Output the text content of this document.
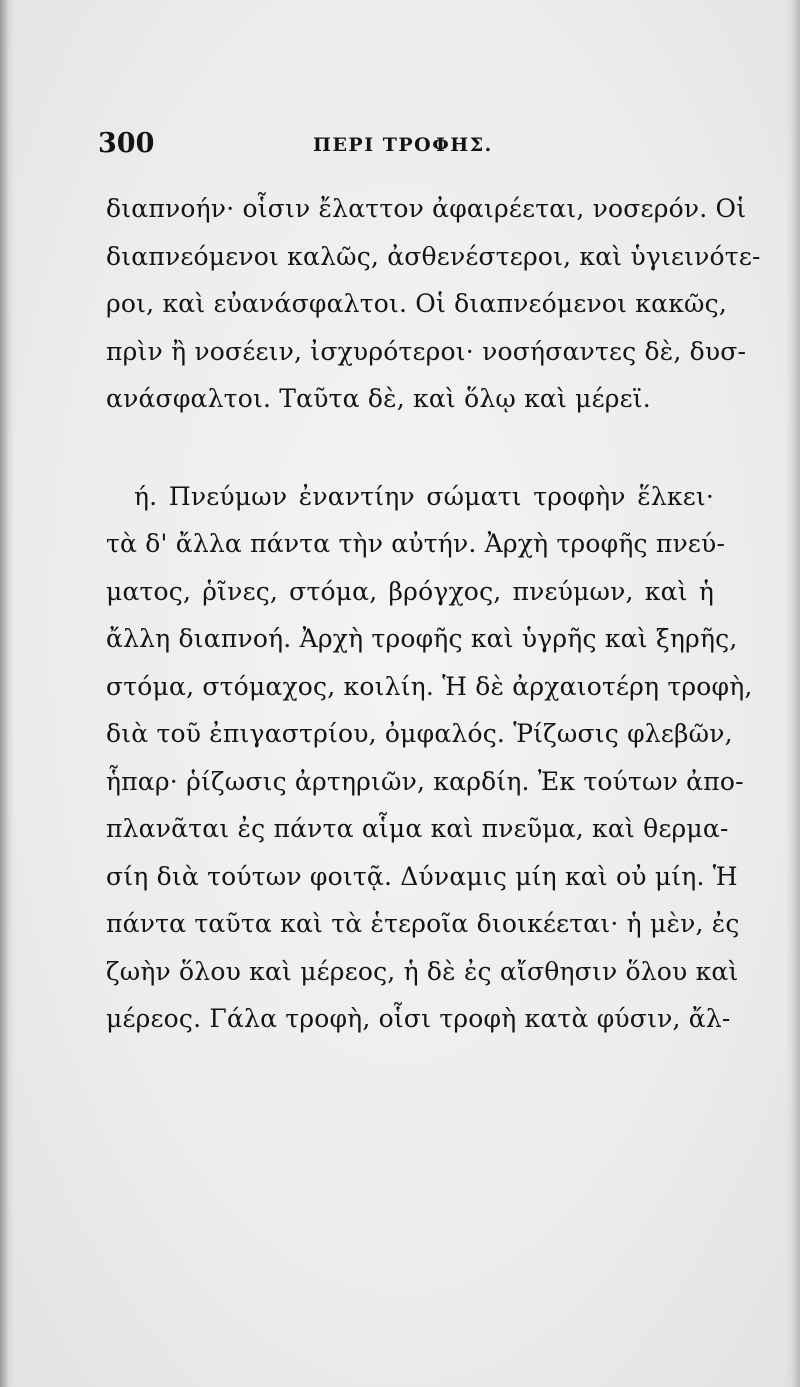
300	ΠΕΡΙ ΤΡΟΦΗΣ.
διαπνοήν· οἷσιν ἔλαττον ἀφαιρέεται, νοσερόν. Οἱ
διαπνεόμενοι καλῶς, ἀσθενέστεροι, καὶ ὑγιεινότε-
ροι, καὶ εὐανάσφαλτοι. Οἱ διαπνεόμενοι κακῶς,
πρὶν ἢ νοσέειν, ἰσχυρότεροι· νοσήσαντες δὲ, δυσ-
ανάσφαλτοι. Ταῦτα δὲ, καὶ ὅλῳ καὶ μέρεϊ.
ή. Πνεύμων ἐναντίην σώματι τροφὴν ἕλκει·
τὰ δ' ἄλλα πάντα τὴν αὐτήν. Ἀρχὴ τροφῆς πνεύ-
ματος, ῥῖνες, στόμα, βρόγχος, πνεύμων, καὶ ἡ
ἄλλη διαπνοή. Ἀρχὴ τροφῆς καὶ ὑγρῆς καὶ ξηρῆς,
στόμα, στόμαχος, κοιλίη. Ἡ δὲ ἀρχαιοτέρη τροφὴ,
διὰ τοῦ ἐπιγαστρίου, ὀμφαλός. Ῥίζωσις φλεβῶν,
ἧπαρ· ῥίζωσις ἀρτηριῶν, καρδίη. Ἐκ τούτων ἀπο-
πλανᾶται ἐς πάντα αἷμα καὶ πνεῦμα, καὶ θερμα-
σίη διὰ τούτων φοιτᾷ. Δύναμις μίη καὶ οὐ μίη. Ἡ
πάντα ταῦτα καὶ τὰ ἑτεροῖα διοικέεται· ἡ μὲν, ἐς
ζωὴν ὅλου καὶ μέρεος, ἡ δὲ ἐς αἴσθησιν ὅλου καὶ
μέρεος. Γάλα τροφὴ, οἷσι τροφὴ κατὰ φύσιν, ἄλ-
